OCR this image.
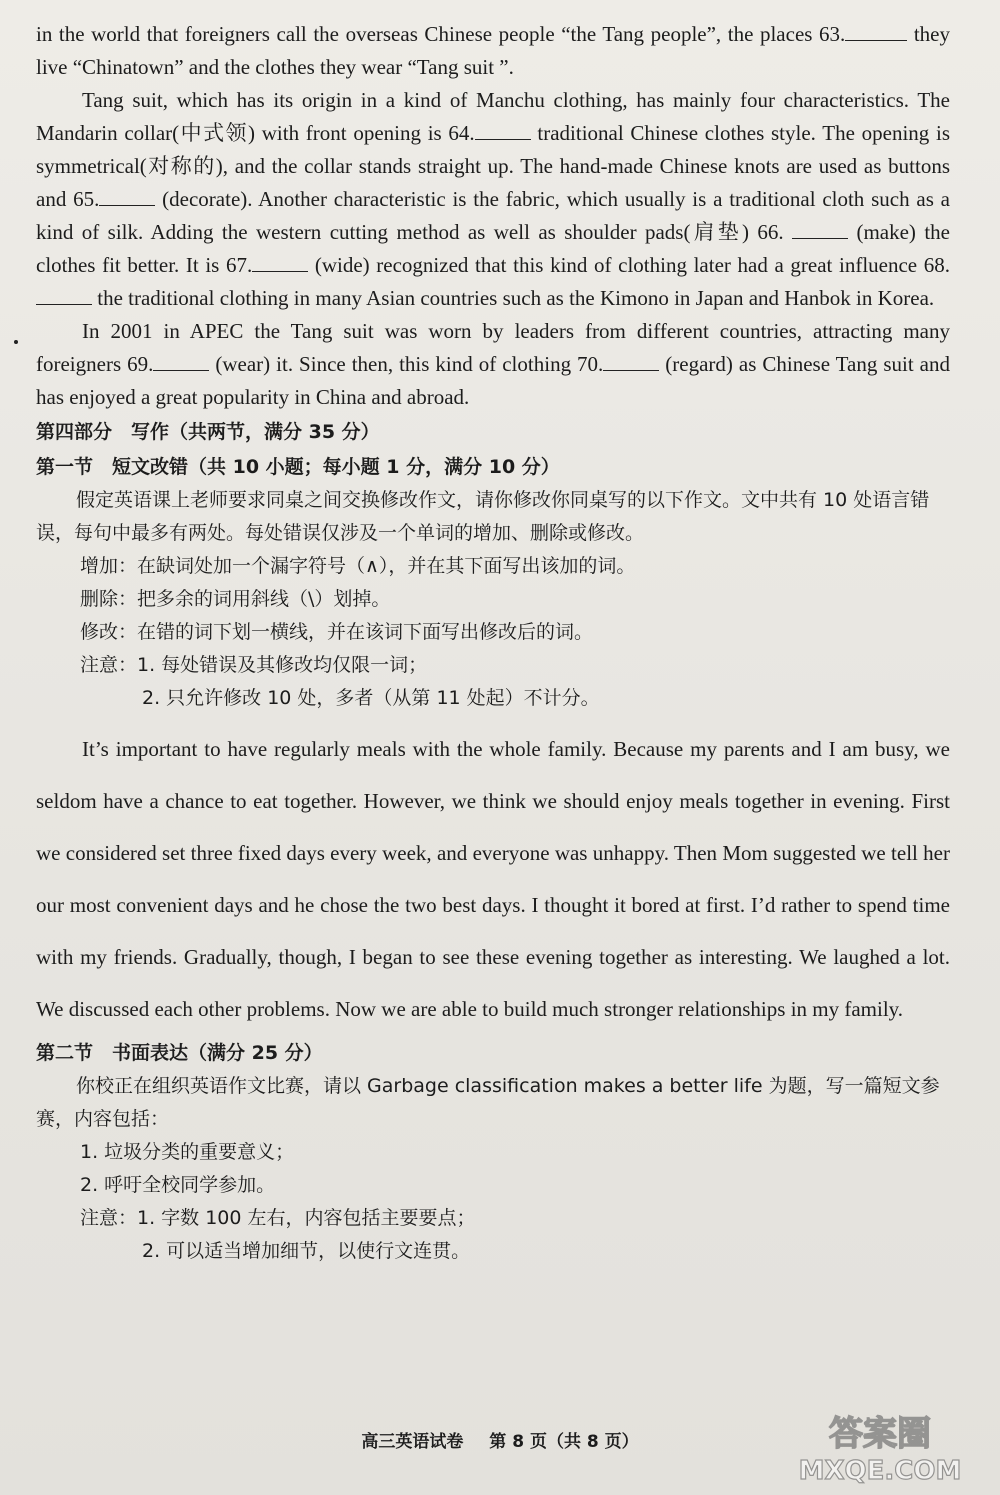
in the world that foreigners call the overseas Chinese people “the Tang people”, the places 63.	they live “Chinatown” and the clothes they wear “Tang suit ”.

Tang suit, which has its origin in a kind of Manchu clothing, has mainly four characteristics. The Mandarin collar(中式领) with front opening is 64.	traditional Chinese clothes style. The opening is symmetrical(对称的), and the collar stands straight up. The hand-made Chinese knots are used as buttons and 65.	(decorate). Another characteristic is the fabric, which usually is a traditional cloth such as a kind of silk. Adding the western cutting method as well as shoulder pads(肩垫) 66.	(make) the clothes fit better. It is 67.	(wide) recognized that this kind of clothing later had a great influence 68. the traditional clothing in many Asian countries such as the Kimono in Japan and Hanbok in Korea.

In 2001 in APEC the Tang suit was worn by leaders from different countries, attracting many foreigners 69.	(wear) it. Since then, this kind of clothing 70.	(regard) as Chinese Tang suit and has enjoyed a great popularity in China and abroad.

第四部分　写作（共两节，满分 35 分）

第一节　短文改错（共 10 小题；每小题 1 分，满分 10 分）

假定英语课上老师要求同桌之间交换修改作文，请你修改你同桌写的以下作文。文中共有 10 处语言错误，每句中最多有两处。每处错误仅涉及一个单词的增加、删除或修改。

增加：在缺词处加一个漏字符号（∧），并在其下面写出该加的词。

删除：把多余的词用斜线（\）划掉。

修改：在错的词下划一横线，并在该词下面写出修改后的词。

注意：1. 每处错误及其修改均仅限一词；

2. 只允许修改 10 处，多者（从第 11 处起）不计分。

It’s important to have regularly meals with the whole family. Because my parents and I am busy, we seldom have a chance to eat together. However, we think we should enjoy meals together in evening. First we considered set three fixed days every week, and everyone was unhappy. Then Mom suggested we tell her our most convenient days and he chose the two best days. I thought it bored at first. I’d rather to spend time with my friends. Gradually, though, I began to see these evening together as interesting. We laughed a lot. We discussed each other problems. Now we are able to build much stronger relationships in my family.

第二节　书面表达（满分 25 分）

你校正在组织英语作文比赛，请以 Garbage classification makes a better life 为题，写一篇短文参赛，内容包括：

1. 垃圾分类的重要意义；

2. 呼吁全校同学参加。

注意：1. 字数 100 左右，内容包括主要要点；

2. 可以适当增加细节，以使行文连贯。

高三英语试卷 第 8 页（共 8 页）	答案圈
MXQE.COM
